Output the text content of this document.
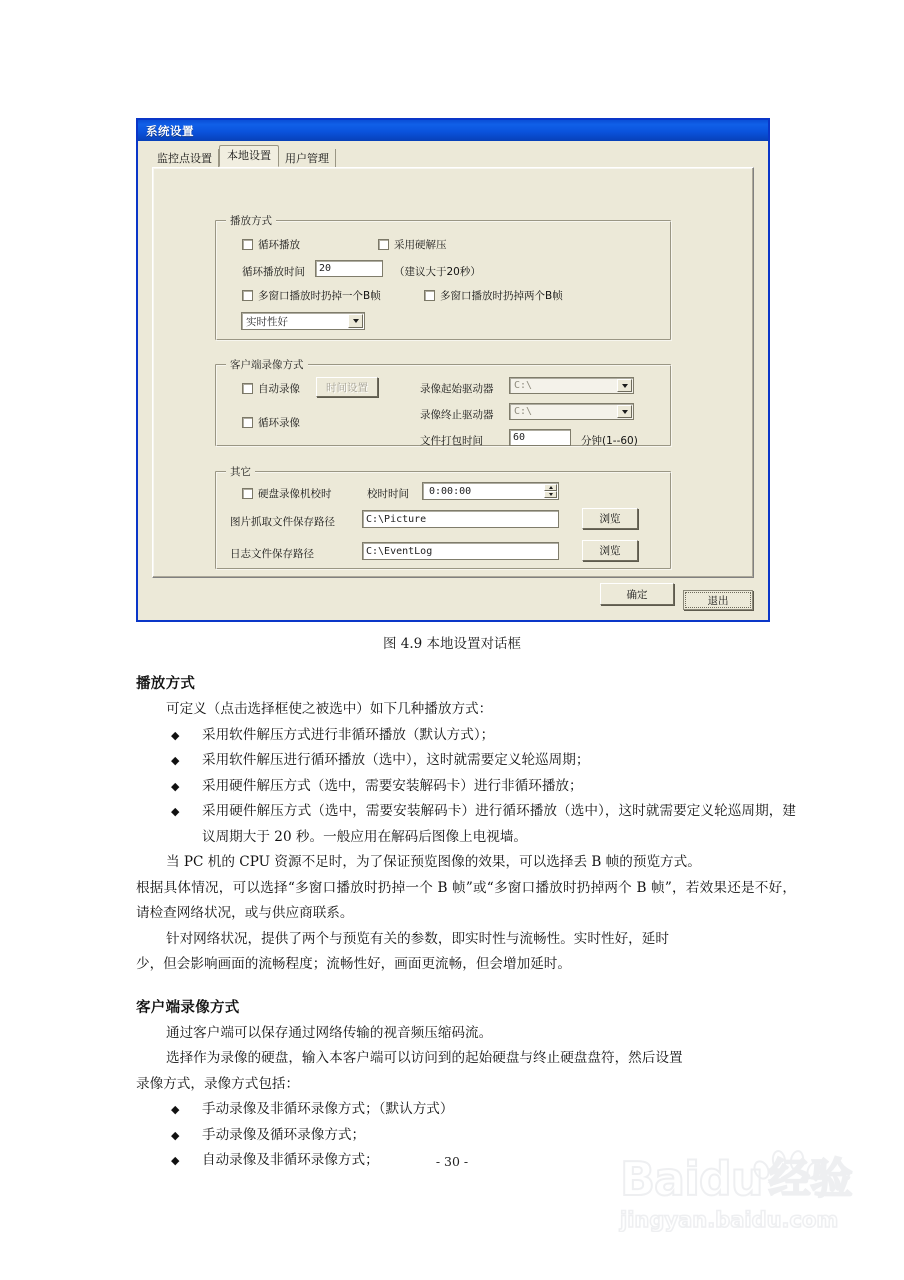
系统设置
监控点设置	本地设置	用户管理
播放方式
循环播放	采用硬解压
循环播放时间 20	（建议大于20秒）
多窗口播放时扔掉一个B帧	多窗口播放时扔掉两个B帧
实时性好
客户端录像方式
自动录像	时间设置
循环录像
录像起始驱动器	C:\
录像终止驱动器	C:\
文件打包时间	60	分钟(1--60)
其它
硬盘录像机校时	校时时间	0:00:00
图片抓取文件保存路径	C:\Picture	浏览
日志文件保存路径	C:\EventLog	浏览
确定	退出
图 4.9 本地设置对话框
播放方式

可定义（点击选择框使之被选中）如下几种播放方式：

◆ 采用软件解压方式进行非循环播放（默认方式）；
◆ 采用软件解压进行循环播放（选中），这时就需要定义轮巡周期；
◆ 采用硬件解压方式（选中，需要安装解码卡）进行非循环播放；
◆ 采用硬件解压方式（选中，需要安装解码卡）进行循环播放（选中），这时就需要定义轮巡周期，建议周期大于 20 秒。一般应用在解码后图像上电视墙。

当 PC 机的 CPU 资源不足时，为了保证预览图像的效果，可以选择丢 B 帧的预览方式。

根据具体情况，可以选择“多窗口播放时扔掉一个 B 帧”或“多窗口播放时扔掉两个 B 帧”，若效果还是不好，请检查网络状况，或与供应商联系。

针对网络状况，提供了两个与预览有关的参数，即实时性与流畅性。实时性好，延时

少，但会影响画面的流畅程度；流畅性好，画面更流畅，但会增加延时。

客户端录像方式

通过客户端可以保存通过网络传输的视音频压缩码流。

选择作为录像的硬盘，输入本客户端可以访问到的起始硬盘与终止硬盘盘符，然后设置

录像方式，录像方式包括：

◆ 手动录像及非循环录像方式；（默认方式）
◆ 手动录像及循环录像方式；
◆ 自动录像及非循环录像方式；	- 30 -	Baidu 经验
jingyan.baidu.com
